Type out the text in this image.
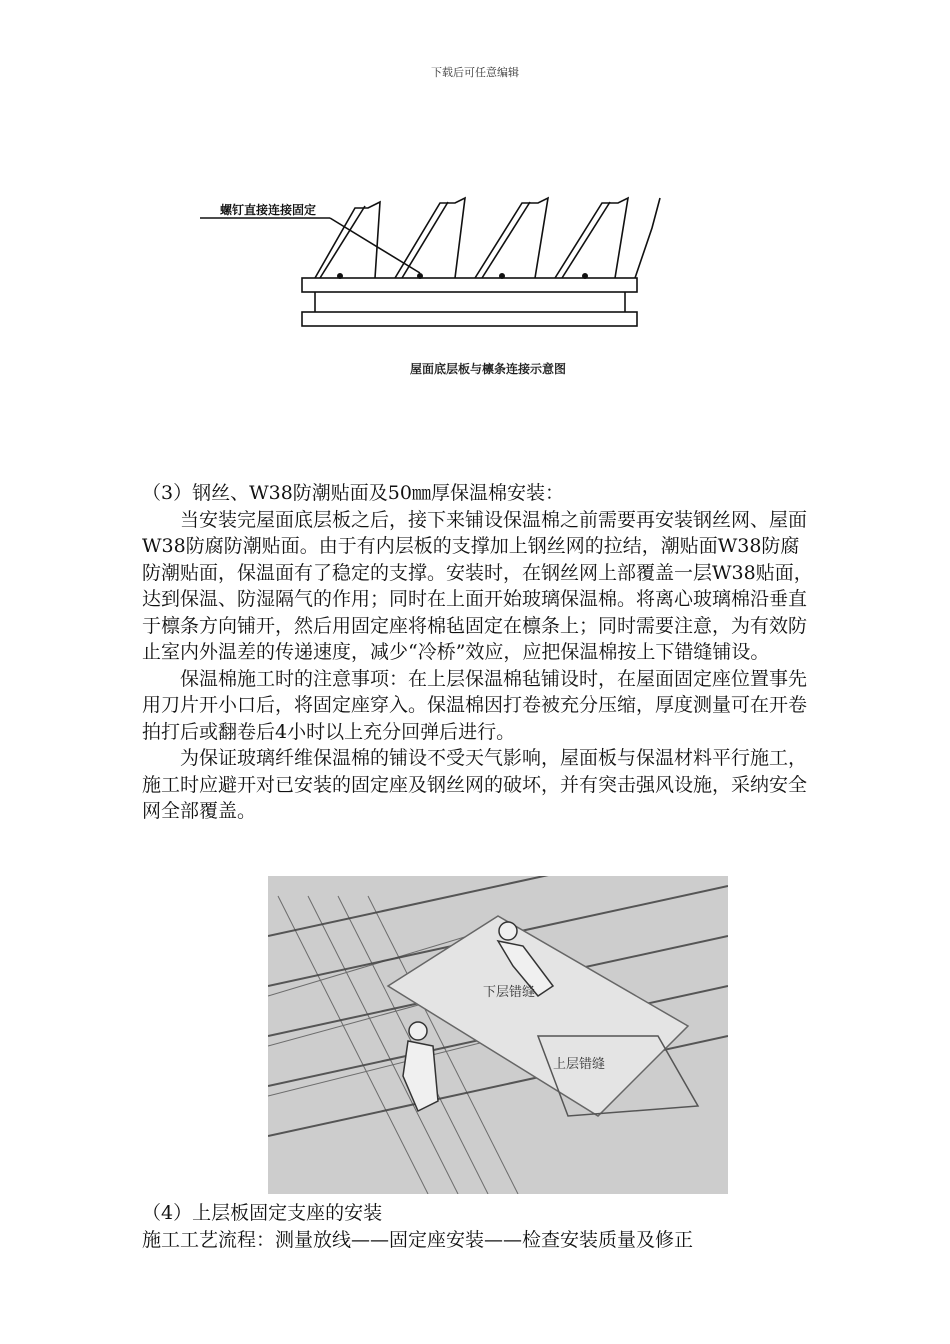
下载后可任意编辑
螺钉直接连接固定
屋面底层板与檩条连接示意图

（3）钢丝、W38防潮贴面及50㎜厚保温棉安装：

当安装完屋面底层板之后，接下来铺设保温棉之前需要再安装钢丝网、屋面W38防腐防潮贴面。由于有内层板的支撑加上钢丝网的拉结，潮贴面W38防腐防潮贴面，保温面有了稳定的支撑。安装时，在钢丝网上部覆盖一层W38贴面，达到保温、防湿隔气的作用；同时在上面开始玻璃保温棉。将离心玻璃棉沿垂直于檩条方向铺开，然后用固定座将棉毡固定在檩条上；同时需要注意，为有效防止室内外温差的传递速度，减少“冷桥”效应，应把保温棉按上下错缝铺设。

保温棉施工时的注意事项：在上层保温棉毡铺设时，在屋面固定座位置事先用刀片开小口后，将固定座穿入。保温棉因打卷被充分压缩，厚度测量可在开卷拍打后或翻卷后4小时以上充分回弹后进行。

为保证玻璃纤维保温棉的铺设不受天气影响，屋面板与保温材料平行施工，施工时应避开对已安装的固定座及钢丝网的破坏，并有突击强风设施，采纳安全网全部覆盖。

下层错缝
上层错缝

（4）上层板固定支座的安装

施工工艺流程：测量放线——固定座安装——检查安装质量及修正
